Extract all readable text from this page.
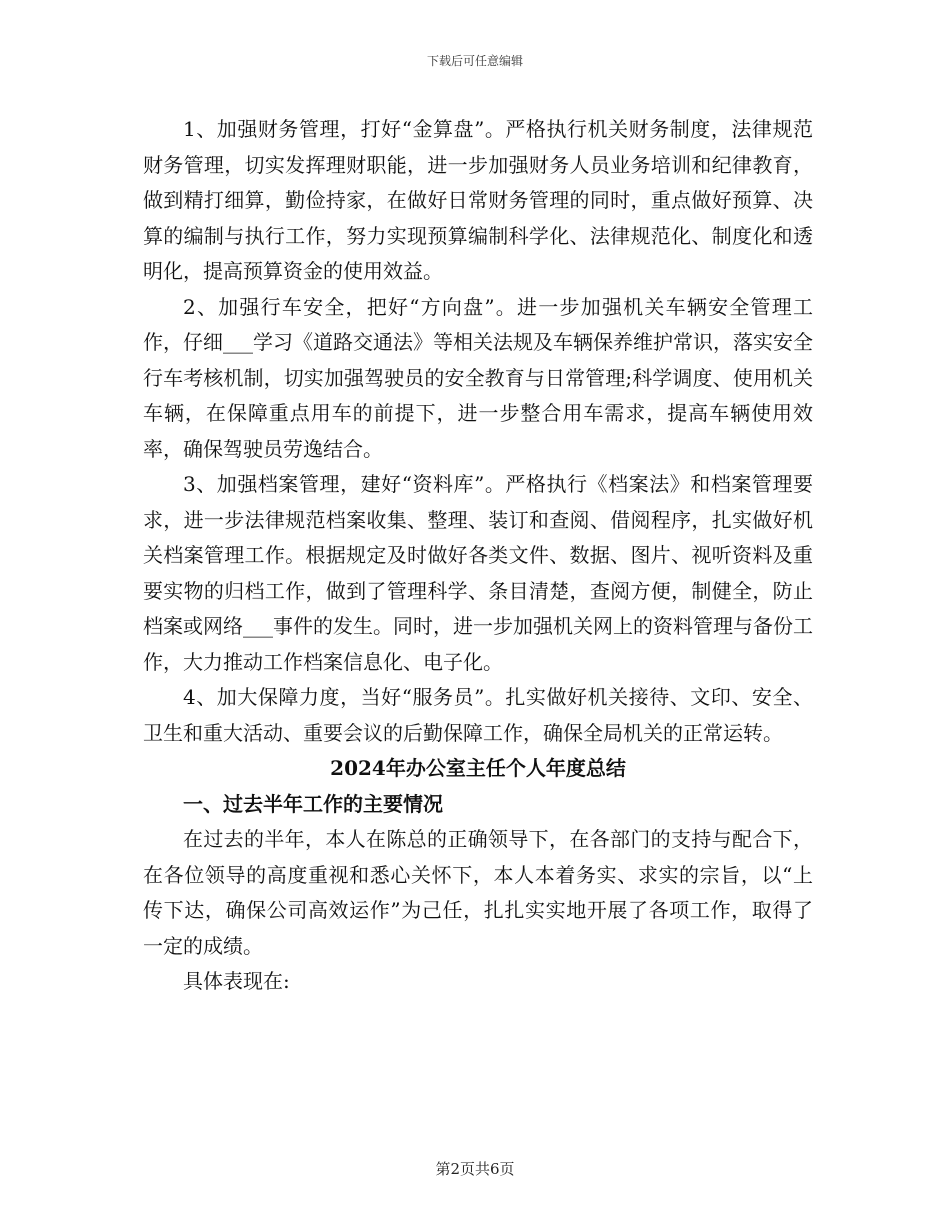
下载后可任意编辑

1、加强财务管理，打好“金算盘”。严格执行机关财务制度，法律规范财务管理，切实发挥理财职能，进一步加强财务人员业务培训和纪律教育，做到精打细算，勤俭持家，在做好日常财务管理的同时，重点做好预算、决算的编制与执行工作，努力实现预算编制科学化、法律规范化、制度化和透明化，提高预算资金的使用效益。

2、加强行车安全，把好“方向盘”。进一步加强机关车辆安全管理工作，仔细___学习《道路交通法》等相关法规及车辆保养维护常识，落实安全行车考核机制，切实加强驾驶员的安全教育与日常管理;科学调度、使用机关车辆，在保障重点用车的前提下，进一步整合用车需求，提高车辆使用效率，确保驾驶员劳逸结合。

3、加强档案管理，建好“资料库”。严格执行《档案法》和档案管理要求，进一步法律规范档案收集、整理、装订和查阅、借阅程序，扎实做好机关档案管理工作。根据规定及时做好各类文件、数据、图片、视听资料及重要实物的归档工作，做到了管理科学、条目清楚，查阅方便，制健全，防止档案或网络___事件的发生。同时，进一步加强机关网上的资料管理与备份工作，大力推动工作档案信息化、电子化。

4、加大保障力度，当好“服务员”。扎实做好机关接待、文印、安全、卫生和重大活动、重要会议的后勤保障工作，确保全局机关的正常运转。

2024年办公室主任个人年度总结

一、过去半年工作的主要情况

在过去的半年，本人在陈总的正确领导下，在各部门的支持与配合下，在各位领导的高度重视和悉心关怀下，本人本着务实、求实的宗旨，以“上传下达，确保公司高效运作”为己任，扎扎实实地开展了各项工作，取得了一定的成绩。

具体表现在:

第2页共6页
